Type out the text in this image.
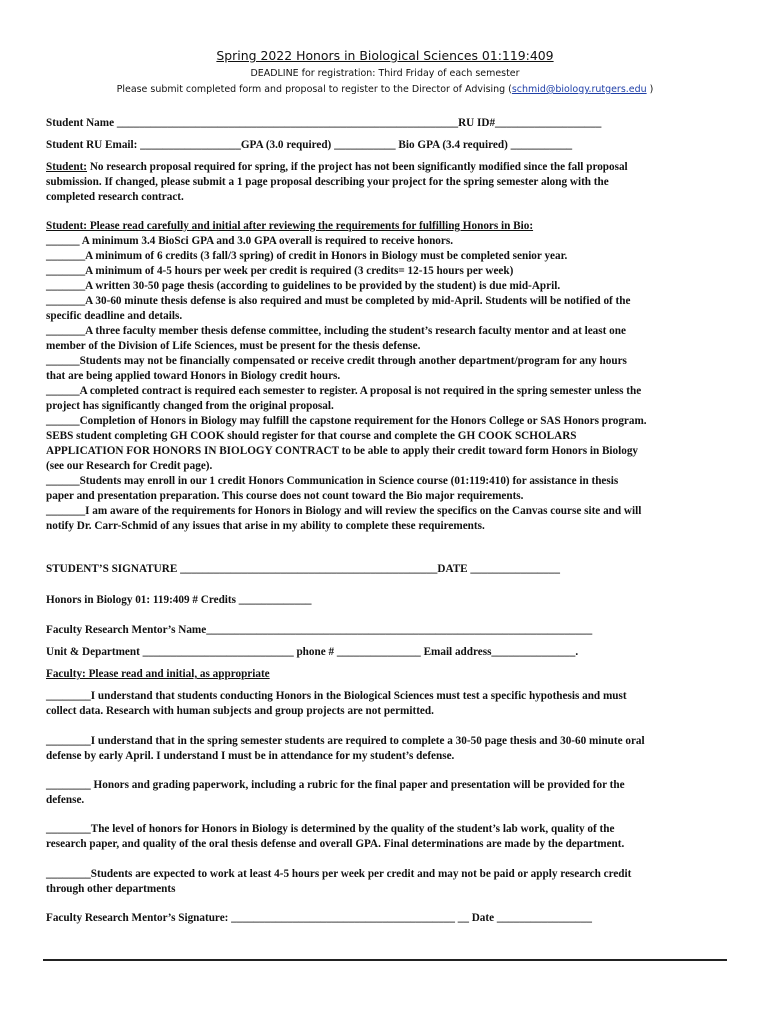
Spring 2022 Honors in Biological Sciences 01:119:409
DEADLINE for registration: Third Friday of each semester
Please submit completed form and proposal to register to the Director of Advising (schmid@biology.rutgers.edu )
Student Name _____________________________________________________________RU ID#___________________
Student RU Email: __________________GPA (3.0 required) ___________ Bio GPA (3.4 required) ___________
Student: No research proposal required for spring, if the project has not been significantly modified since the fall proposal
submission. If changed, please submit a 1 page proposal describing your project for the spring semester along with the
completed research contract.
Student: Please read carefully and initial after reviewing the requirements for fulfilling Honors in Bio:
______ A minimum 3.4 BioSci GPA and 3.0 GPA overall is required to receive honors.
_______A minimum of 6 credits (3 fall/3 spring) of credit in Honors in Biology must be completed senior year.
_______A minimum of 4-5 hours per week per credit is required (3 credits= 12-15 hours per week)
_______A written 30-50 page thesis (according to guidelines to be provided by the student) is due mid-April.
_______A 30-60 minute thesis defense is also required and must be completed by mid-April. Students will be notified of the
specific deadline and details.
_______A three faculty member thesis defense committee, including the student’s research faculty mentor and at least one
member of the Division of Life Sciences, must be present for the thesis defense.
______Students may not be financially compensated or receive credit through another department/program for any hours
that are being applied toward Honors in Biology credit hours.
______A completed contract is required each semester to register. A proposal is not required in the spring semester unless the
project has significantly changed from the original proposal.
______Completion of Honors in Biology may fulfill the capstone requirement for the Honors College or SAS Honors program.
SEBS student completing GH COOK should register for that course and complete the GH COOK SCHOLARS
APPLICATION FOR HONORS IN BIOLOGY CONTRACT to be able to apply their credit toward form Honors in Biology
(see our Research for Credit page).
______Students may enroll in our 1 credit Honors Communication in Science course (01:119:410) for assistance in thesis
paper and presentation preparation. This course does not count toward the Bio major requirements.
_______I am aware of the requirements for Honors in Biology and will review the specifics on the Canvas course site and will
notify Dr. Carr-Schmid of any issues that arise in my ability to complete these requirements.
STUDENT’S SIGNATURE ______________________________________________DATE ________________
Honors in Biology 01: 119:409 # Credits _____________
Faculty Research Mentor’s Name_____________________________________________________________________
Unit & Department ___________________________ phone # _______________ Email address_______________.
Faculty: Please read and initial, as appropriate
________I understand that students conducting Honors in the Biological Sciences must test a specific hypothesis and must
collect data. Research with human subjects and group projects are not permitted.
________I understand that in the spring semester students are required to complete a 30-50 page thesis and 30-60 minute oral
defense by early April. I understand I must be in attendance for my student’s defense.
________ Honors and grading paperwork, including a rubric for the final paper and presentation will be provided for the
defense.
________The level of honors for Honors in Biology is determined by the quality of the student’s lab work, quality of the
research paper, and quality of the oral thesis defense and overall GPA. Final determinations are made by the department.
________Students are expected to work at least 4-5 hours per week per credit and may not be paid or apply research credit
through other departments
Faculty Research Mentor’s Signature: ________________________________________ __ Date _________________
